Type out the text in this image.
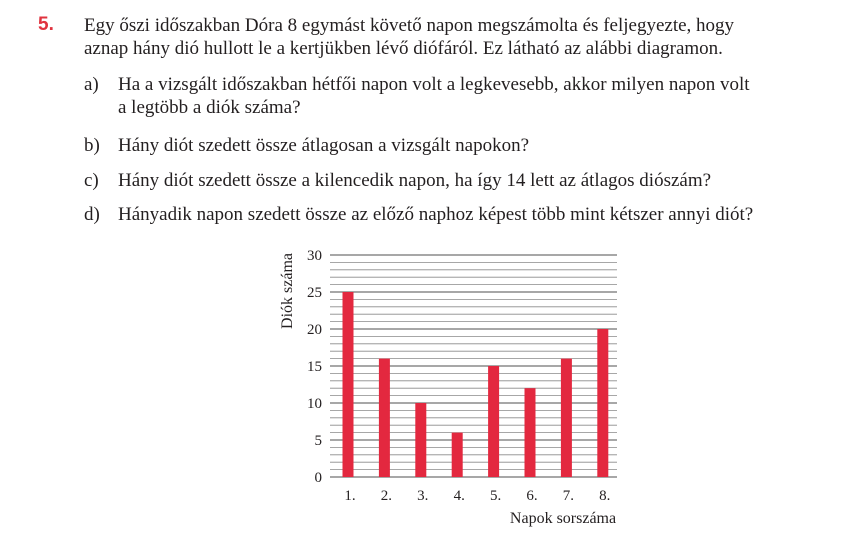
5. Egy őszi időszakban Dóra 8 egymást követő napon megszámolta és feljegyezte, hogy

aznap hány dió hullott le a kertjükben lévő diófáról. Ez látható az alábbi diagramon.

a)	Ha a vizsgált időszakban hétfői napon volt a legkevesebb, akkor milyen napon volt
a legtöbb a diók száma?
b) Hány diót szedett össze átlagosan a vizsgált napokon?
c)	Hány diót szedett össze a kilencedik napon, ha így 14 lett az átlagos diószám?
d) Hányadik napon szedett össze az előző naphoz képest több mint kétszer annyi diót?
0
5
10
15
20
25
30
1. 2. 3. 4. 5. 6. 7. 8.
Diók száma
Napok sorszáma
